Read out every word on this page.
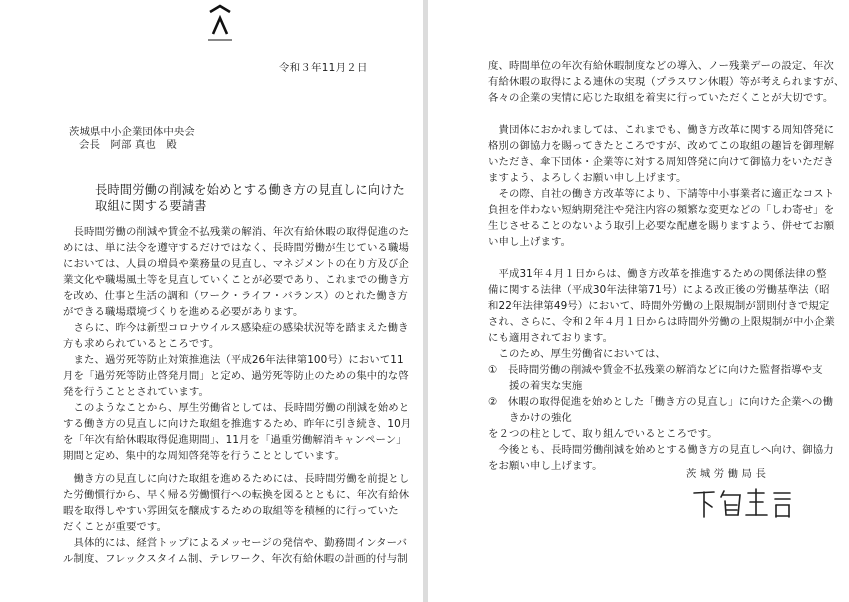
令和３年11月２日
茨城県中小企業団体中央会
会長　阿部 真也　殿
長時間労働の削減を始めとする働き方の見直しに向けた
取組に関する要請書
　長時間労働の削減や賃金不払残業の解消、年次有給休暇の取得促進のた
めには、単に法令を遵守するだけではなく、長時間労働が生じている職場
においては、人員の増員や業務量の見直し、マネジメントの在り方及び企
業文化や職場風土等を見直していくことが必要であり、これまでの働き方
を改め、仕事と生活の調和（ワーク・ライフ・バランス）のとれた働き方
ができる職場環境づくりを進める必要があります。
　さらに、昨今は新型コロナウイルス感染症の感染状況等を踏まえた働き
方も求められているところです。
　また、過労死等防止対策推進法（平成26年法律第100号）において11
月を「過労死等防止啓発月間」と定め、過労死等防止のための集中的な啓
発を行うこととされています。
　このようなことから、厚生労働省としては、長時間労働の削減を始めと
する働き方の見直しに向けた取組を推進するため、昨年に引き続き、10月
を「年次有給休暇取得促進期間」、11月を「過重労働解消キャンペーン」
期間と定め、集中的な周知啓発等を行うこととしています。
　働き方の見直しに向けた取組を進めるためには、長時間労働を前提とし
た労働慣行から、早く帰る労働慣行への転換を図るとともに、年次有給休
暇を取得しやすい雰囲気を醸成するための取組等を積極的に行っていた
だくことが重要です。
　具体的には、経営トップによるメッセージの発信や、勤務間インターバ
ル制度、フレックスタイム制、テレワーク、年次有給休暇の計画的付与制
度、時間単位の年次有給休暇制度などの導入、ノー残業デーの設定、年次
有給休暇の取得による連休の実現（プラスワン休暇）等が考えられますが、
各々の企業の実情に応じた取組を着実に行っていただくことが大切です。
　貴団体におかれましては、これまでも、働き方改革に関する周知啓発に
格別の御協力を賜ってきたところですが、改めてこの取組の趣旨を御理解
いただき、傘下団体・企業等に対する周知啓発に向けて御協力をいただき
ますよう、よろしくお願い申し上げます。
　その際、自社の働き方改革等により、下請等中小事業者に適正なコスト
負担を伴わない短納期発注や発注内容の頻繁な変更などの「しわ寄せ」を
生じさせることのないよう取引上必要な配慮を賜りますよう、併せてお願
い申し上げます。
　平成31年４月１日からは、働き方改革を推進するための関係法律の整
備に関する法律（平成30年法律第71号）による改正後の労働基準法（昭
和22年法律第49号）において、時間外労働の上限規制が罰則付きで規定
され、さらに、令和２年４月１日からは時間外労働の上限規制が中小企業
にも適用されております。
　このため、厚生労働省においては、
①　長時間労働の削減や賃金不払残業の解消などに向けた監督指導や支
　　援の着実な実施
②　休暇の取得促進を始めとした「働き方の見直し」に向けた企業への働
　　きかけの強化
を２つの柱として、取り組んでいるところです。
　今後とも、長時間労働削減を始めとする働き方の見直しへ向け、御協力
をお願い申し上げます。
茨城労働局長
